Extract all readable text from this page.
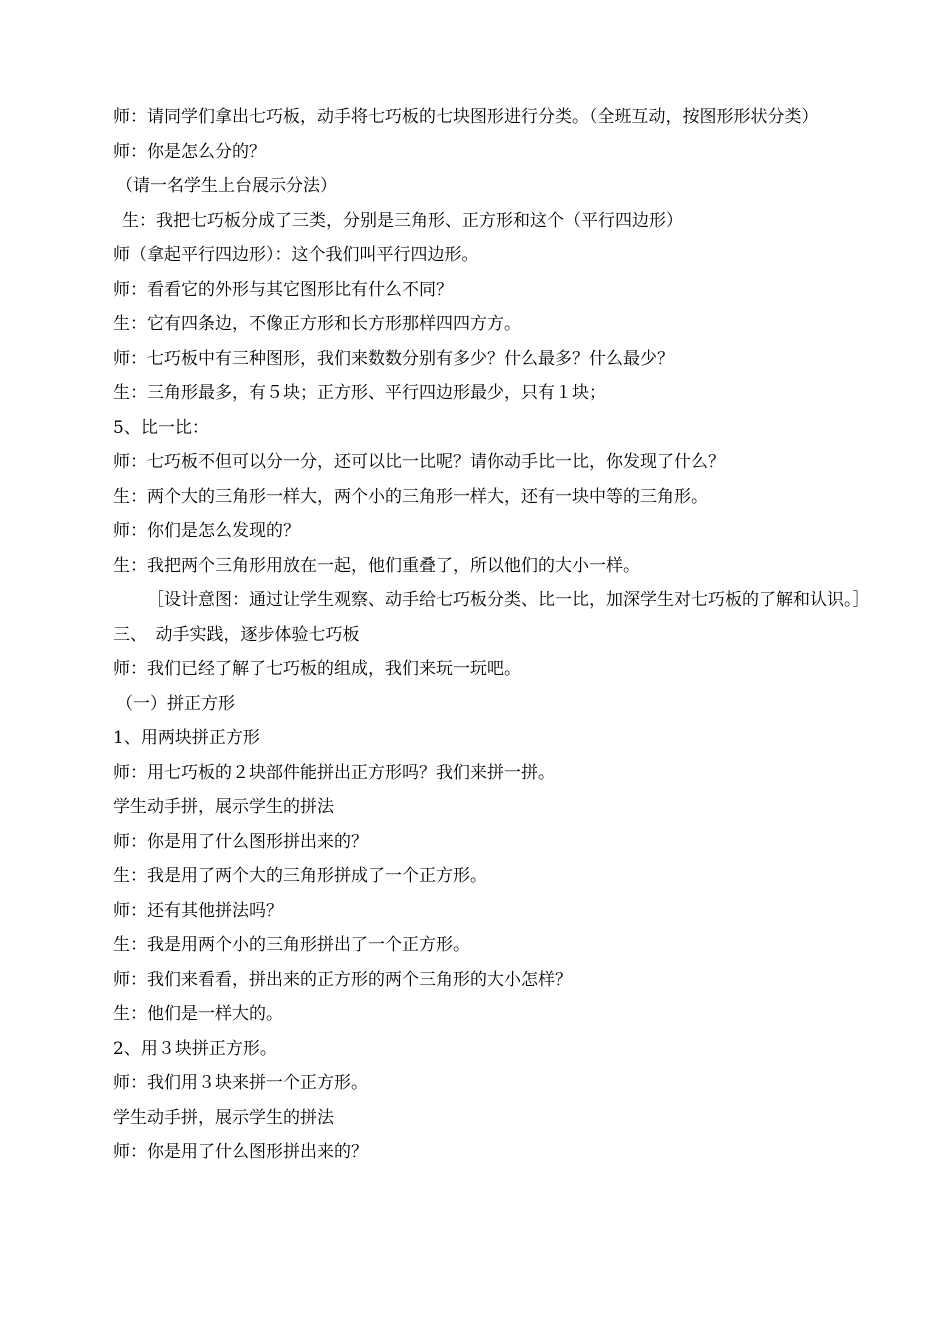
师：请同学们拿出七巧板，动手将七巧板的七块图形进行分类。（全班互动，按图形形状分类）

师：你是怎么分的？

（请一名学生上台展示分法）

生：我把七巧板分成了三类，分别是三角形、正方形和这个（平行四边形）

师（拿起平行四边形）：这个我们叫平行四边形。

师：看看它的外形与其它图形比有什么不同？

生：它有四条边，不像正方形和长方形那样四四方方。

师：七巧板中有三种图形，我们来数数分别有多少？什么最多？什么最少？

生：三角形最多，有５块；正方形、平行四边形最少，只有１块；

5、比一比：

师：七巧板不但可以分一分，还可以比一比呢？请你动手比一比，你发现了什么？

生：两个大的三角形一样大，两个小的三角形一样大，还有一块中等的三角形。

师：你们是怎么发现的？

生：我把两个三角形用放在一起，他们重叠了，所以他们的大小一样。

［设计意图：通过让学生观察、动手给七巧板分类、比一比，加深学生对七巧板的了解和认识。］

三、　动手实践，逐步体验七巧板

师：我们已经了解了七巧板的组成，我们来玩一玩吧。

（一）拼正方形

1、用两块拼正方形

师：用七巧板的２块部件能拼出正方形吗？我们来拼一拼。

学生动手拼，展示学生的拼法

师：你是用了什么图形拼出来的？

生：我是用了两个大的三角形拼成了一个正方形。

师：还有其他拼法吗？

生：我是用两个小的三角形拼出了一个正方形。

师：我们来看看，拼出来的正方形的两个三角形的大小怎样？

生：他们是一样大的。

2、用３块拼正方形。

师：我们用３块来拼一个正方形。

学生动手拼，展示学生的拼法

师：你是用了什么图形拼出来的？
